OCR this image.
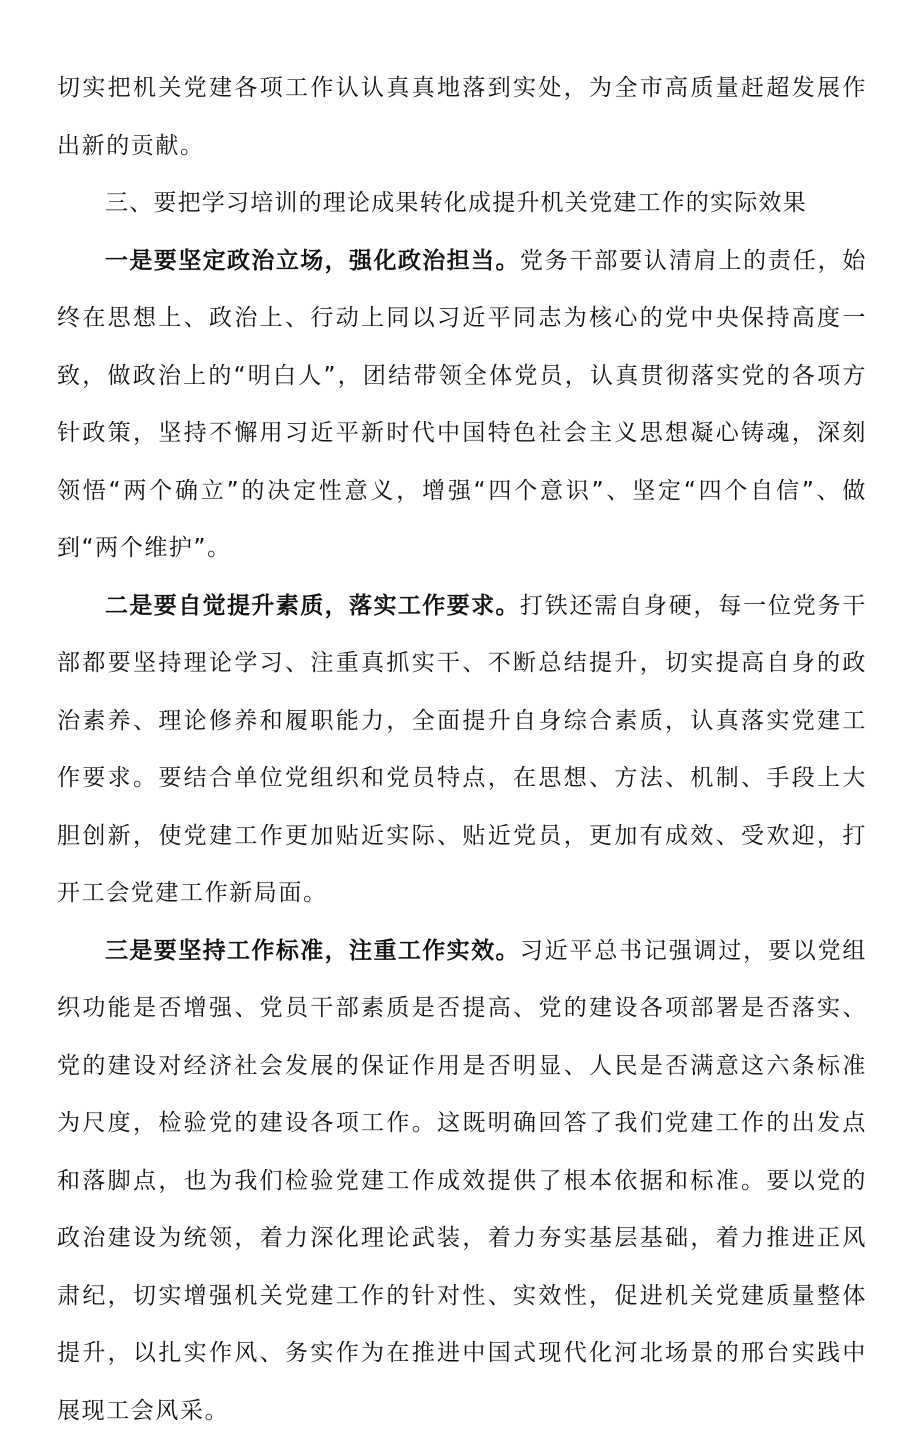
切实把机关党建各项工作认认真真地落到实处，为全市高质量赶超发展作出新的贡献。

三、要把学习培训的理论成果转化成提升机关党建工作的实际效果

一是要坚定政治立场，强化政治担当。党务干部要认清肩上的责任，始终在思想上、政治上、行动上同以习近平同志为核心的党中央保持高度一致，做政治上的“明白人”，团结带领全体党员，认真贯彻落实党的各项方针政策，坚持不懈用习近平新时代中国特色社会主义思想凝心铸魂，深刻领悟“两个确立”的决定性意义，增强“四个意识”、坚定“四个自信”、做到“两个维护”。

二是要自觉提升素质，落实工作要求。打铁还需自身硬，每一位党务干部都要坚持理论学习、注重真抓实干、不断总结提升，切实提高自身的政治素养、理论修养和履职能力，全面提升自身综合素质，认真落实党建工作要求。要结合单位党组织和党员特点，在思想、方法、机制、手段上大胆创新，使党建工作更加贴近实际、贴近党员，更加有成效、受欢迎，打开工会党建工作新局面。

三是要坚持工作标准，注重工作实效。习近平总书记强调过，要以党组织功能是否增强、党员干部素质是否提高、党的建设各项部署是否落实、党的建设对经济社会发展的保证作用是否明显、人民是否满意这六条标准为尺度，检验党的建设各项工作。这既明确回答了我们党建工作的出发点和落脚点，也为我们检验党建工作成效提供了根本依据和标准。要以党的政治建设为统领，着力深化理论武装，着力夯实基层基础，着力推进正风肃纪，切实增强机关党建工作的针对性、实效性，促进机关党建质量整体提升，以扎实作风、务实作为在推进中国式现代化河北场景的邢台实践中展现工会风采。
